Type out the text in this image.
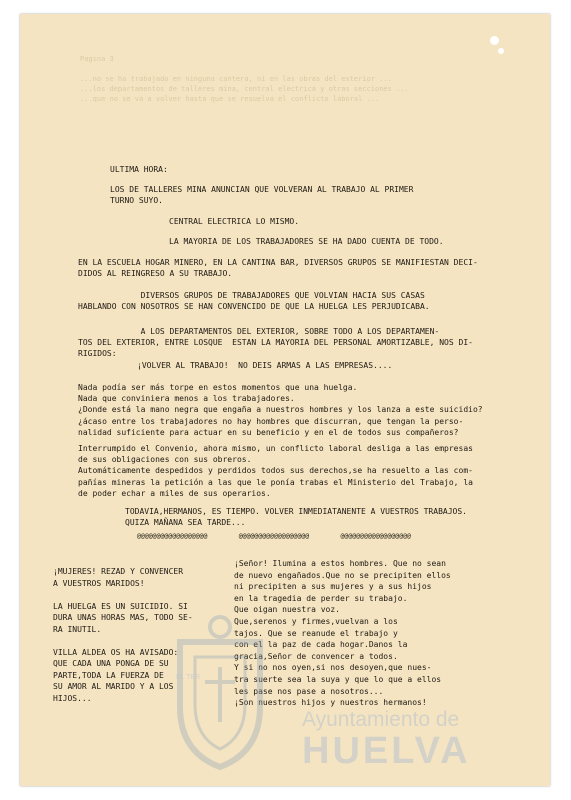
Pagina 3

...no se ha trabajado en ninguna cantera, ni en las obras del exterior ...
...los departamentos de talleres mina, central electrica y otras secciones ...
...que no se va a volver hasta que se resuelva el conflicto laboral ...

ULTIMA HORA:

LOS DE TALLERES MINA ANUNCIAN QUE VOLVERAN AL TRABAJO AL PRIMER
TURNO SUYO.

CENTRAL ELECTRICA LO MISMO.

LA MAYORIA DE LOS TRABAJADORES SE HA DADO CUENTA DE TODO.

EN LA ESCUELA HOGAR MINERO, EN LA CANTINA BAR, DIVERSOS GRUPOS SE MANIFIESTAN DECI-
DIDOS AL REINGRESO A SU TRABAJO.

DIVERSOS GRUPOS DE TRABAJADORES QUE VOLVIAN HACIA SUS CASAS
HABLANDO CON NOSOTROS SE HAN CONVENCIDO DE QUE LA HUELGA LES PERJUDICABA.

A LOS DEPARTAMENTOS DEL EXTERIOR, SOBRE TODO A LOS DEPARTAMEN-
TOS DEL EXTERIOR, ENTRE LOSQUE  ESTAN LA MAYORIA DEL PERSONAL AMORTIZABLE, NOS DI-
RIGIDOS:

¡VOLVER AL TRABAJO!  NO DEIS ARMAS A LAS EMPRESAS....

Nada podía ser más torpe en estos momentos que una huelga.
Nada que conviniera menos a los trabajadores.
¿Donde está la mano negra que engaña a nuestros hombres y los lanza a este suicidio?
¿ácaso entre los trabajadores no hay hombres que discurran, que tengan la perso-
nalidad suficiente para actuar en su beneficio y en el de todos sus compañeros?

Interrumpido el Convenio, ahora mismo, un conflicto laboral desliga a las empresas
de sus obligaciones con sus obreros.
Automáticamente despedidos y perdidos todos sus derechos,se ha resuelto a las com-
pañías mineras la petición a las que le ponía trabas el Ministerio del Trabajo, la
de poder echar a miles de sus operarios.

TODAVIA,HERMANOS, ES TIEMPO. VOLVER INMEDIATANENTE A VUESTROS TRABAJOS.
QUIZA MAÑANA SEA TARDE...

@@@@@@@@@@@@@@@@@@        @@@@@@@@@@@@@@@@@@        @@@@@@@@@@@@@@@@@@

¡MUJERES! REZAD Y CONVENCER
A VUESTROS MARIDOS!

LA HUELGA ES UN SUICIDIO. SI
DURA UNAS HORAS MAS, TODO SE-
RA INUTIL.

VILLA ALDEA OS HA AVISADO:
QUE CADA UNA PONGA DE SU
PARTE,TODA LA FUERZA DE
SU AMOR AL MARIDO Y A LOS
HIJOS...

¡Señor! Ilumina a estos hombres. Que no sean
de nuevo engañados.Que no se precipiten ellos
ni precipiten a sus mujeres y a sus hijos
en la tragedia de perder su trabajo.
Que oigan nuestra voz.
Que,serenos y firmes,vuelvan a los
tajos. Que se reanude el trabajo y
con el la paz de cada hogar.Danos la
gracia,Señor de convencer a todos.
Y si no nos oyen,si nos desoyen,que nues-
tra suerte sea la suya y que lo que a ellos
les pase nos pase a nosotros...
¡Son nuestros hijos y nuestros hermanos!

EL TER

Ayuntamiento de

HUELVA
